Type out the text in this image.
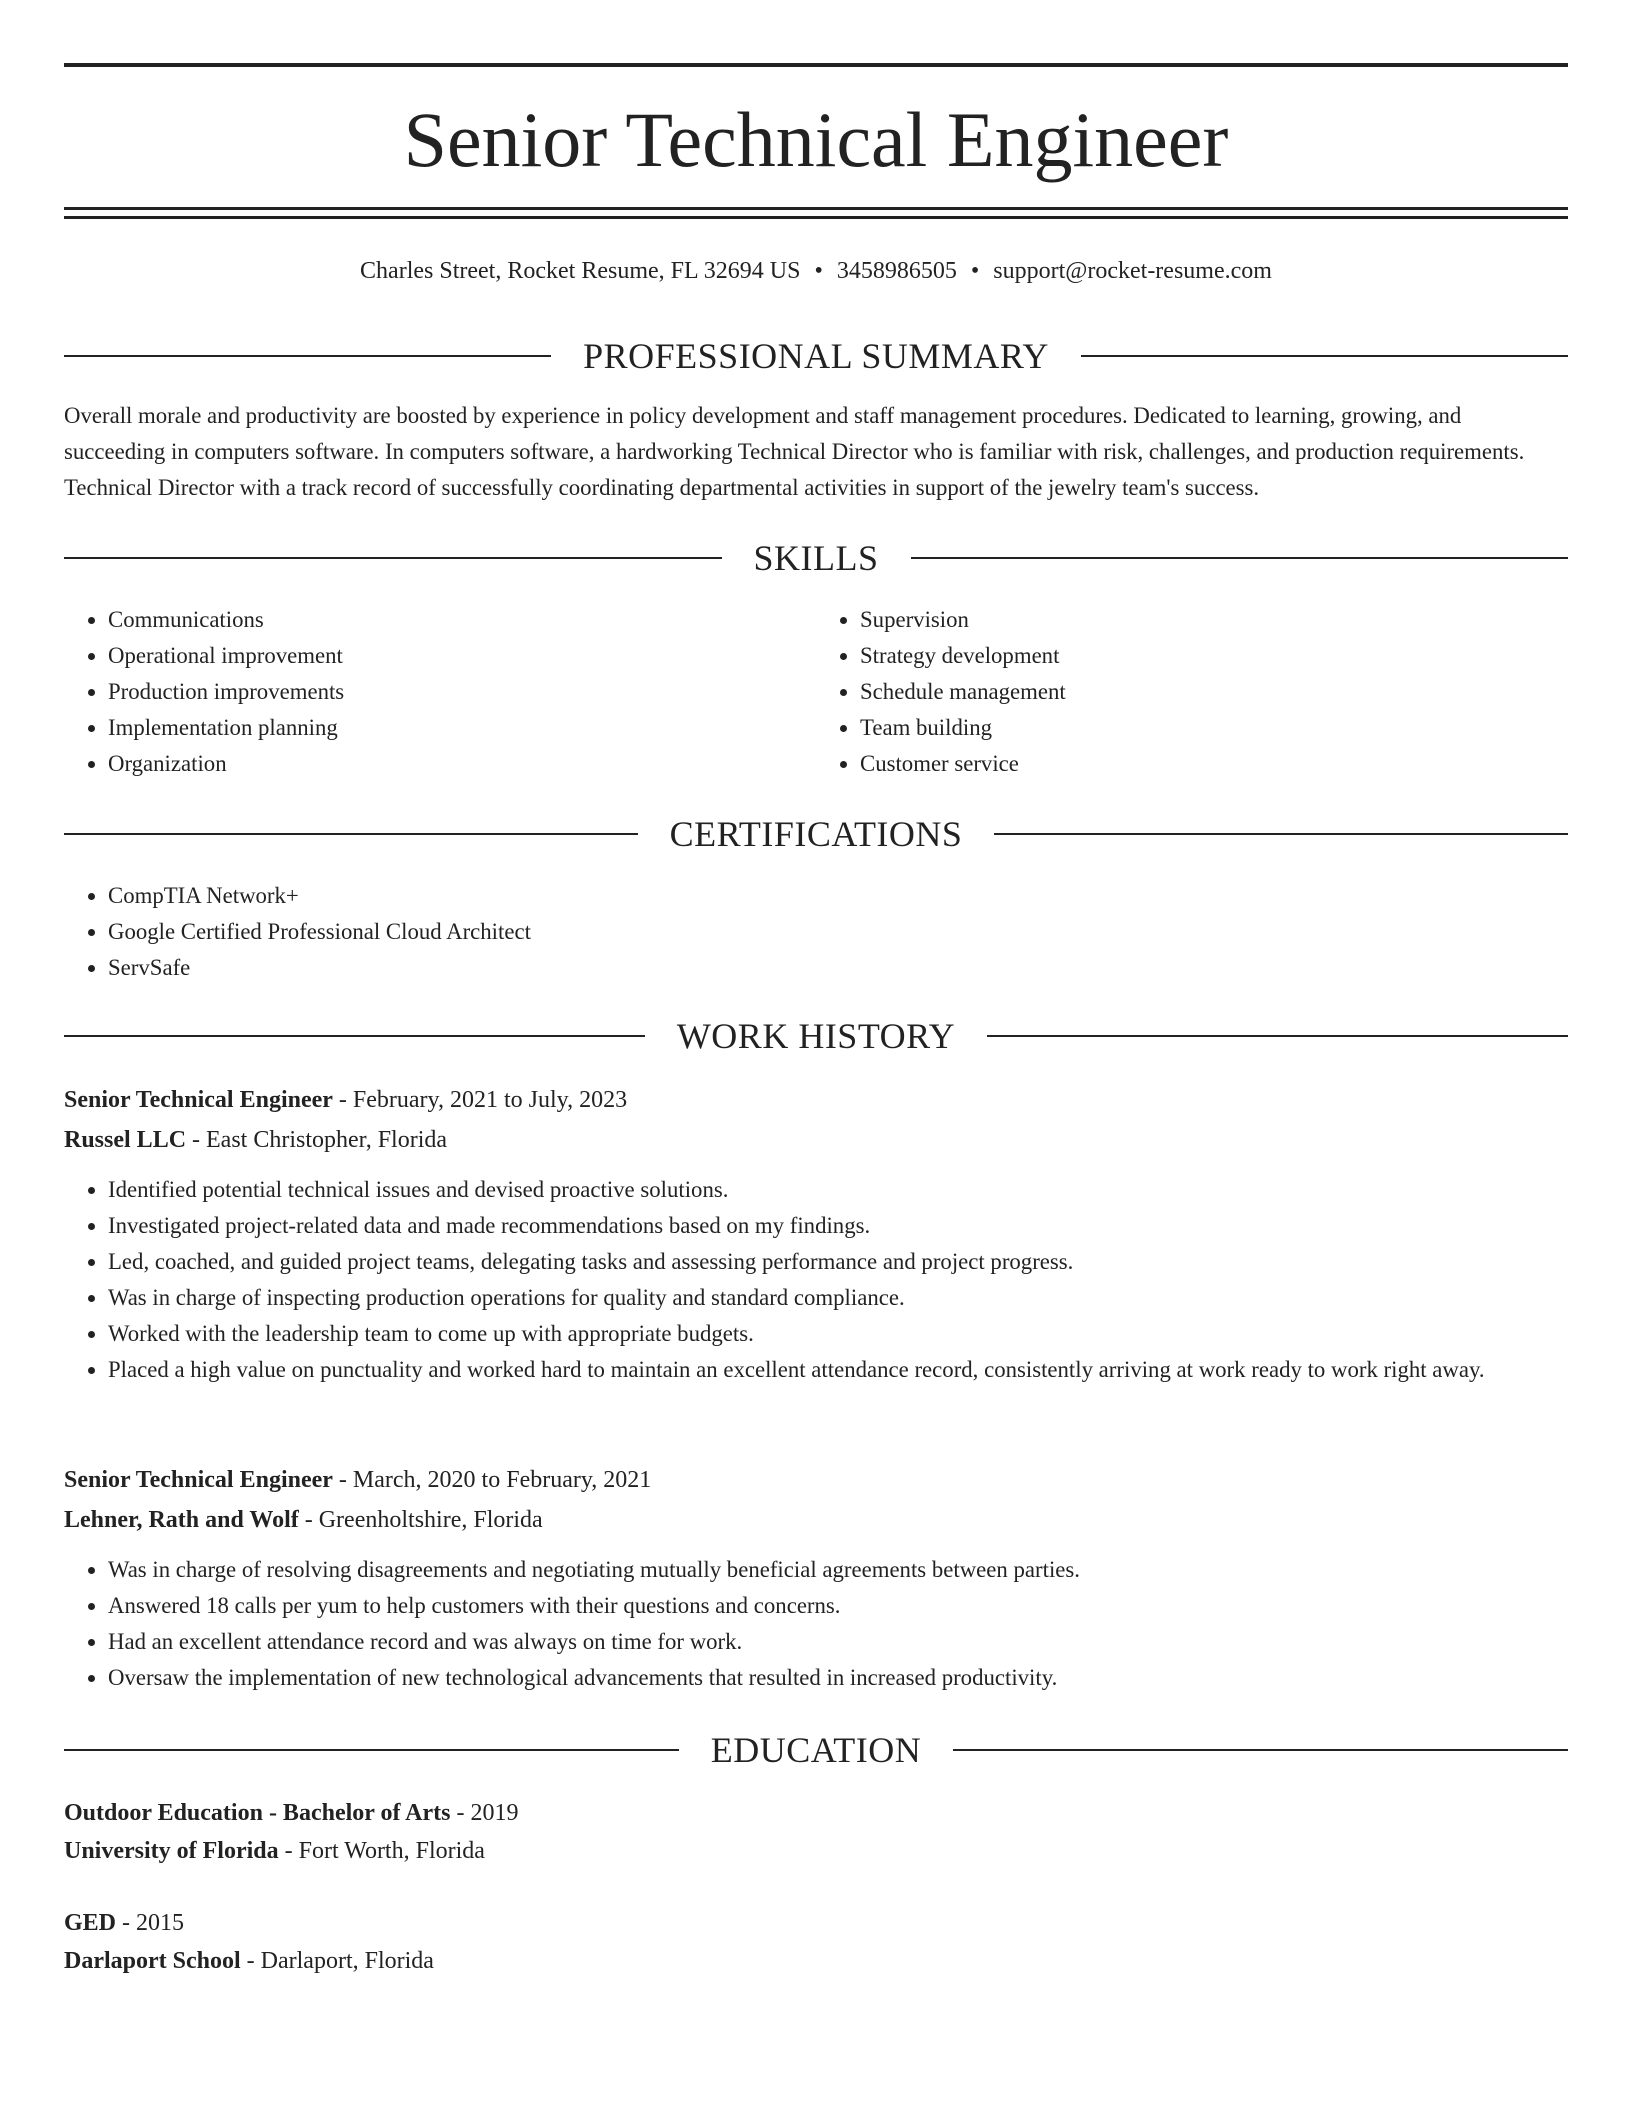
Senior Technical Engineer
Charles Street, Rocket Resume, FL 32694 US • 3458986505 • support@rocket-resume.com
PROFESSIONAL SUMMARY
Overall morale and productivity are boosted by experience in policy development and staff management procedures. Dedicated to learning, growing, and succeeding in computers software. In computers software, a hardworking Technical Director who is familiar with risk, challenges, and production requirements. Technical Director with a track record of successfully coordinating departmental activities in support of the jewelry team's success.
SKILLS
• Communications
• Operational improvement
• Production improvements
• Implementation planning
• Organization
• Supervision
• Strategy development
• Schedule management
• Team building
• Customer service
CERTIFICATIONS
• CompTIA Network+
• Google Certified Professional Cloud Architect
• ServSafe
WORK HISTORY
Senior Technical Engineer - February, 2021 to July, 2023
Russel LLC - East Christopher, Florida
• Identified potential technical issues and devised proactive solutions.
• Investigated project-related data and made recommendations based on my findings.
• Led, coached, and guided project teams, delegating tasks and assessing performance and project progress.
• Was in charge of inspecting production operations for quality and standard compliance.
• Worked with the leadership team to come up with appropriate budgets.
• Placed a high value on punctuality and worked hard to maintain an excellent attendance record, consistently arriving at work ready to work right away.
Senior Technical Engineer - March, 2020 to February, 2021
Lehner, Rath and Wolf - Greenholtshire, Florida
• Was in charge of resolving disagreements and negotiating mutually beneficial agreements between parties.
• Answered 18 calls per yum to help customers with their questions and concerns.
• Had an excellent attendance record and was always on time for work.
• Oversaw the implementation of new technological advancements that resulted in increased productivity.
EDUCATION
Outdoor Education - Bachelor of Arts - 2019
University of Florida - Fort Worth, Florida
GED - 2015
Darlaport School - Darlaport, Florida
